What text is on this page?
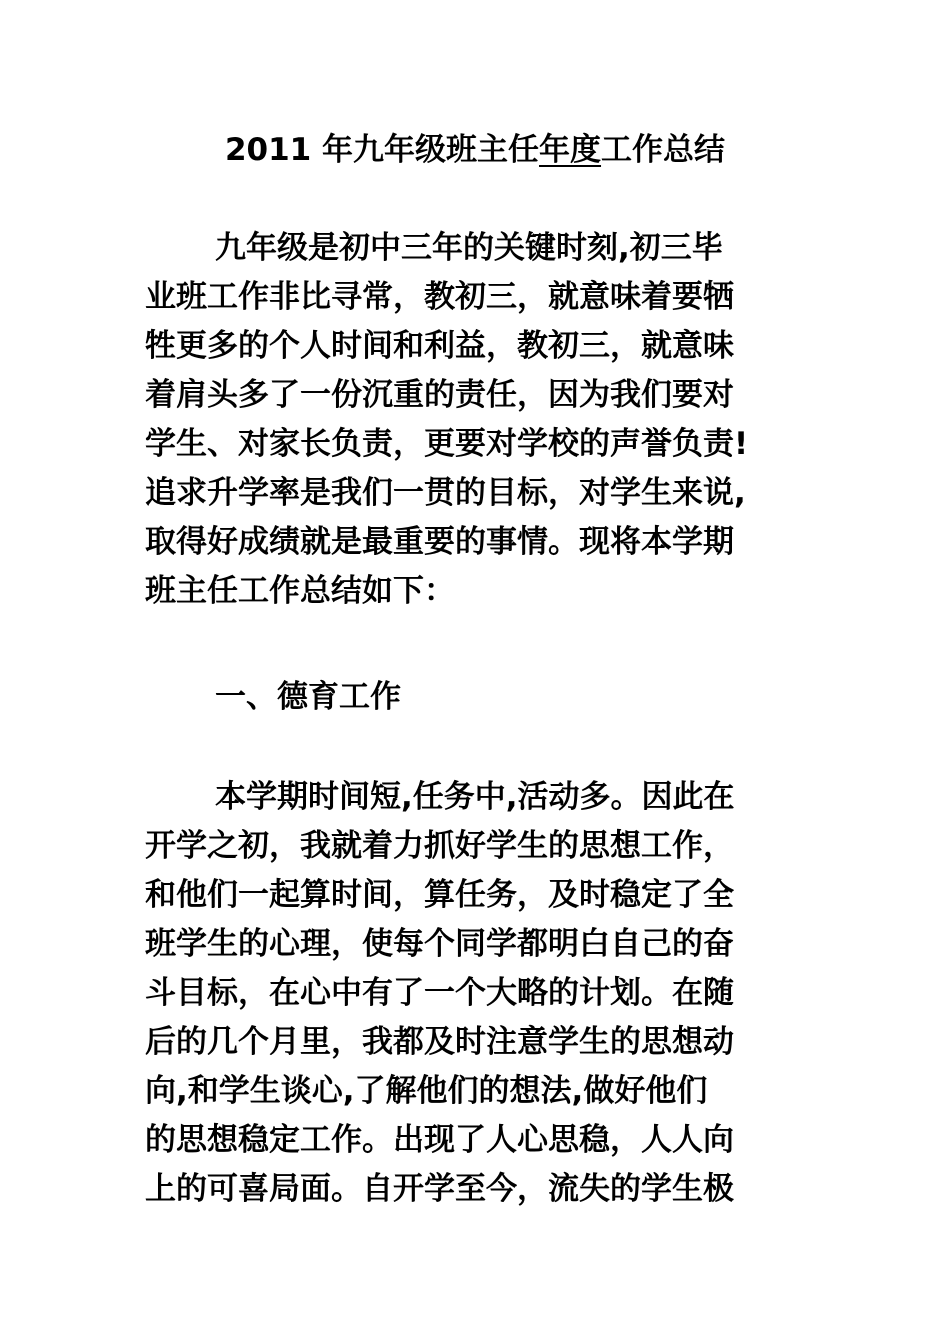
2011 年九年级班主任年度工作总结
九年级是初中三年的关键时刻,初三毕
业班工作非比寻常，教初三，就意味着要牺
牲更多的个人时间和利益，教初三，就意味
着肩头多了一份沉重的责任，因为我们要对
学生、对家长负责，更要对学校的声誉负责!
追求升学率是我们一贯的目标，对学生来说,
取得好成绩就是最重要的事情。现将本学期
班主任工作总结如下：
一、德育工作
本学期时间短,任务中,活动多。因此在
开学之初，我就着力抓好学生的思想工作，
和他们一起算时间，算任务，及时稳定了全
班学生的心理，使每个同学都明白自己的奋
斗目标，在心中有了一个大略的计划。在随
后的几个月里，我都及时注意学生的思想动
向,和学生谈心,了解他们的想法,做好他们
的思想稳定工作。出现了人心思稳，人人向
上的可喜局面。自开学至今，流失的学生极
